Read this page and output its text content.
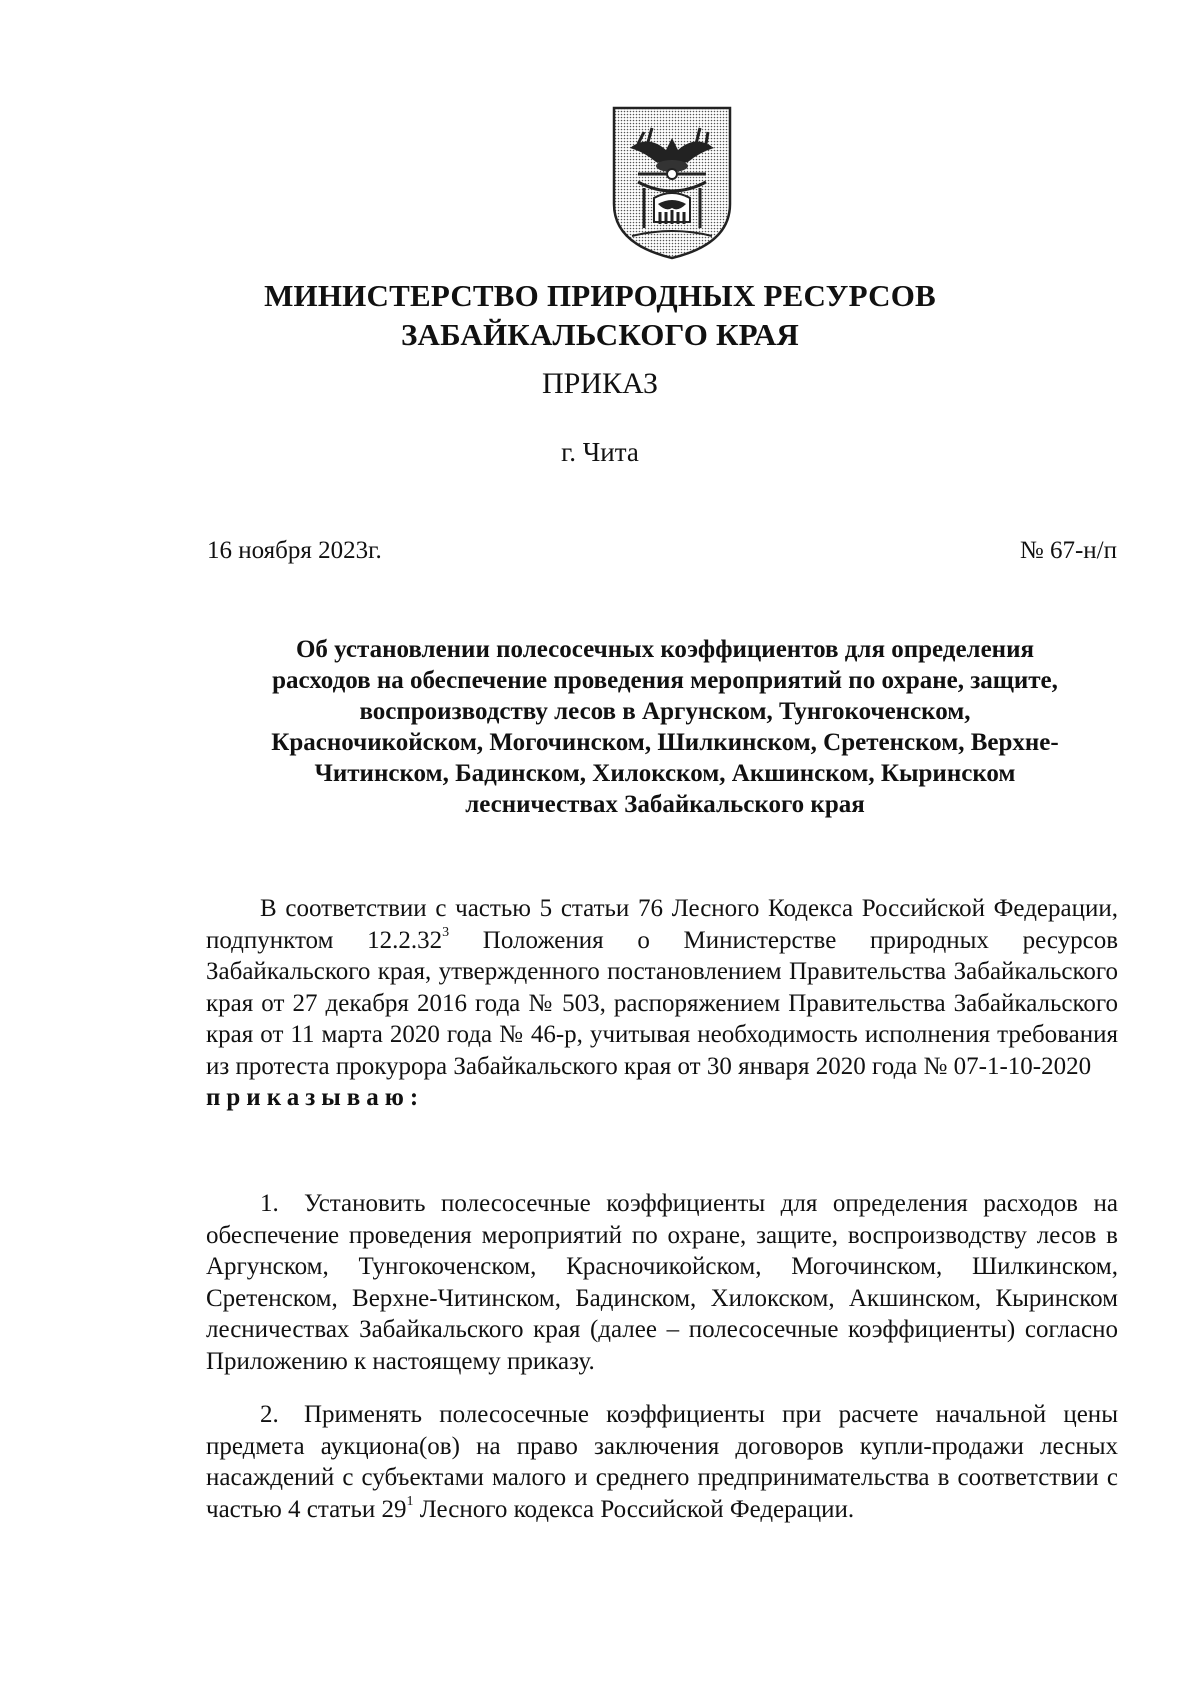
МИНИСТЕРСТВО ПРИРОДНЫХ РЕСУРСОВ
ЗАБАЙКАЛЬСКОГО КРАЯ
ПРИКАЗ
г. Чита
16 ноября 2023г.	№ 67-н/п
Об установлении полесосечных коэффициентов для определения
расходов на обеспечение проведения мероприятий по охране, защите,
воспроизводству лесов в Аргунском, Тунгокоченском,
Красночикойском, Могочинском, Шилкинском, Сретенском, Верхне-
Читинском, Бадинском, Хилокском, Акшинском, Кыринском
лесничествах Забайкальского края

В соответствии с частью 5 статьи 76 Лесного Кодекса Российской Федерации, подпунктом 12.2.32$^3$ Положения о Министерстве природных ресурсов Забайкальского края, утвержденного постановлением Правительства Забайкальского края от 27 декабря 2016 года № 503, распоряжением Правительства Забайкальского края от 11 марта 2020 года № 46-р, учитывая необходимость исполнения требования из протеста прокурора Забайкальского края от 30 января 2020 года № 07-1-10-2020

приказываю:

1. Установить полесосечные коэффициенты для определения расходов на обеспечение проведения мероприятий по охране, защите, воспроизводству лесов в Аргунском, Тунгокоченском, Красночикойском, Могочинском, Шилкинском, Сретенском, Верхне-Читинском, Бадинском, Хилокском, Акшинском, Кыринском лесничествах Забайкальского края (далее – полесосечные коэффициенты) согласно Приложению к настоящему приказу.

2. Применять полесосечные коэффициенты при расчете начальной цены предмета аукциона(ов) на право заключения договоров купли-продажи лесных насаждений с субъектами малого и среднего предпринимательства в соответствии с частью 4 статьи $29^1$ Лесного кодекса Российской Федерации.
